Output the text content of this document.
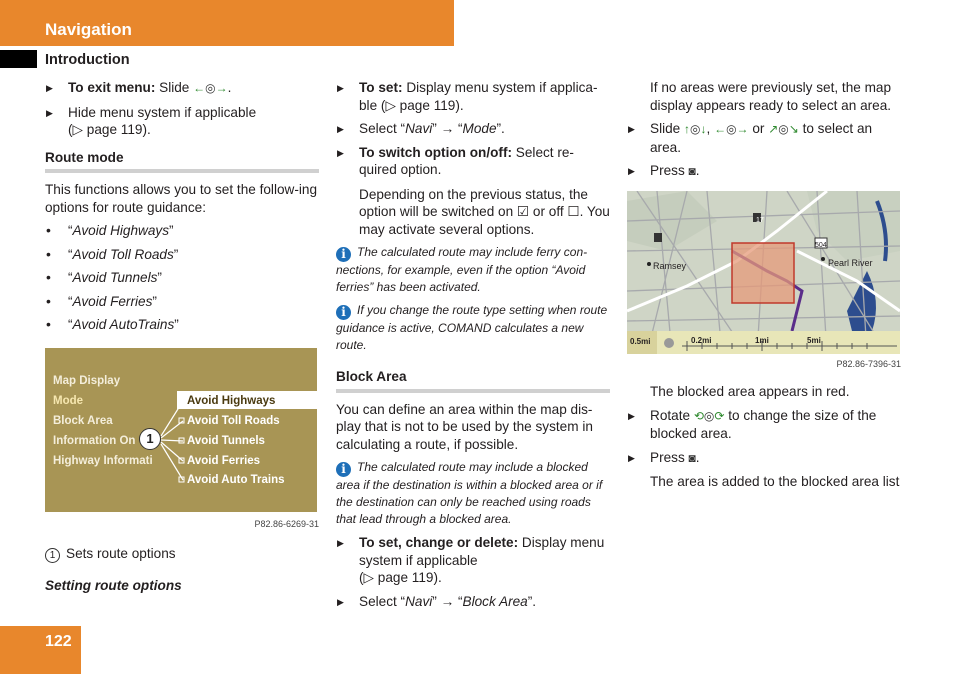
Navigation
Introduction
▶ To exit menu: Slide ←◎→.
▶ Hide menu system if applicable
(▷ page 119).
Route mode
This functions allows you to set the follow-ing options for route guidance:
• “Avoid Highways”
• “Avoid Toll Roads”
• “Avoid Tunnels”
• “Avoid Ferries”
• “Avoid AutoTrains”
Map Display
Mode
Block Area
Information On
Highway Informati
Avoid Highways
Avoid Toll Roads
Avoid Tunnels
Avoid Ferries
Avoid Auto Trains
1
P82.86-6269-31
1 Sets route options
Setting route options
▶ To set: Display menu system if applica-ble (▷ page 119).
▶ Select “Navi” → “Mode”.
▶ To switch option on/off: Select re-quired option.
Depending on the previous status, the option will be switched on ☑ or off ☐. You may activate several options.
i The calculated route may include ferry con-nections, for example, even if the option “Avoid ferries” has been activated.
i If you change the route type setting when route guidance is active, COMAND calculates a new route.
Block Area
You can define an area within the map dis-play that is not to be used by the system in calculating a route, if possible.
i The calculated route may include a blocked area if the destination is within a blocked area or if the destination can only be reached using roads that lead through a blocked area.
▶ To set, change or delete: Display menu system if applicable
(▷ page 119).
▶ Select “Navi” → “Block Area”.
If no areas were previously set, the map display appears ready to select an area.
▶ Slide ↑◎↓, ←◎→ or ↗◎↘ to select an area.
▶ Press ◙.
Ramsey	Pearl River
504
17
0.5mi	0.2mi	1mi	5mi
P82.86-7396-31
The blocked area appears in red.
▶ Rotate ⟲◎⟳ to change the size of the blocked area.
▶ Press ◙.
The area is added to the blocked area list
122
